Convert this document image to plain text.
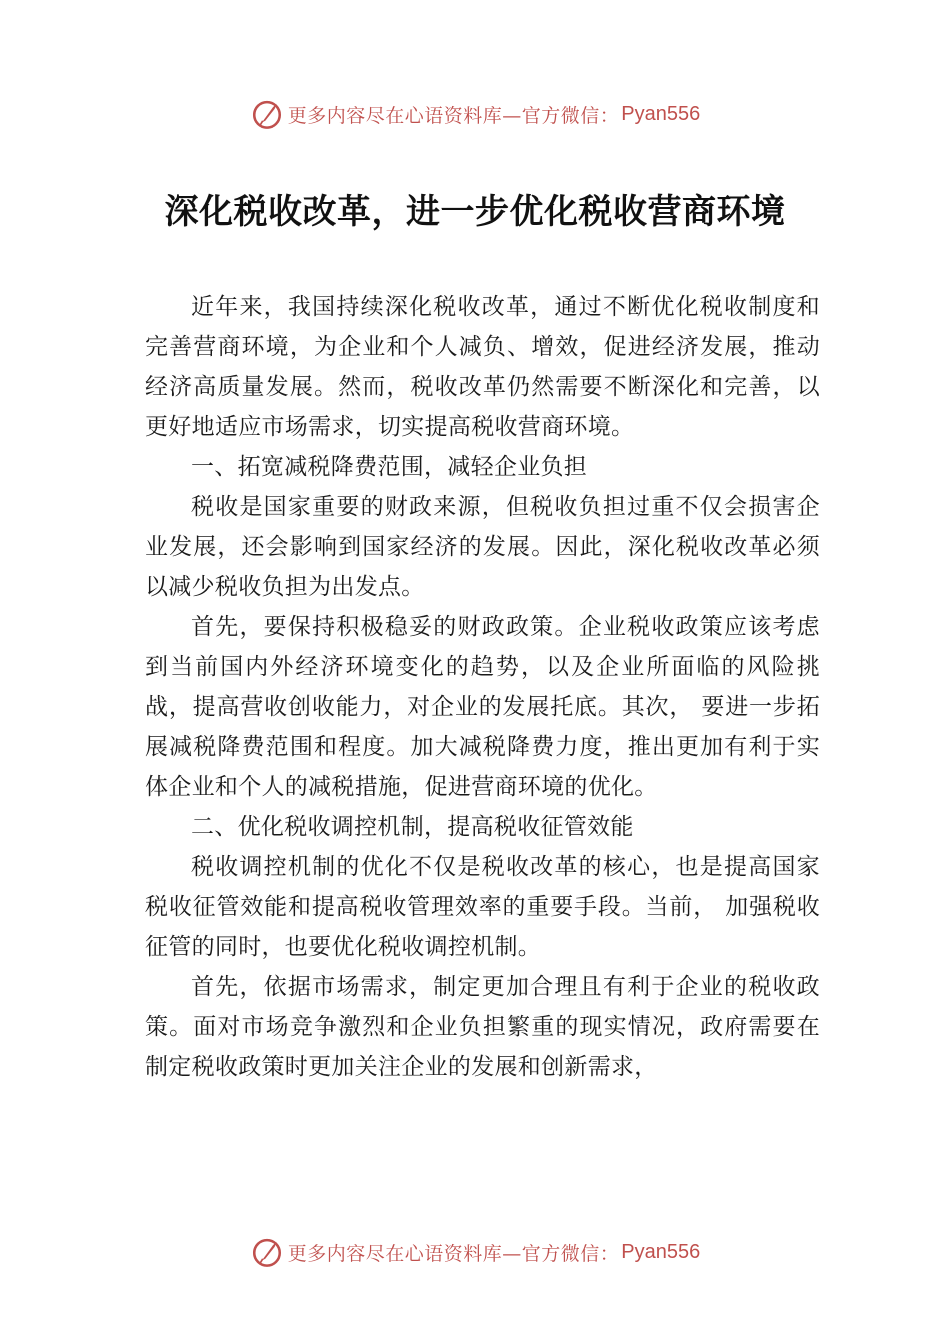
更多内容尽在心语资料库—官方微信： Pyan556
深化税收改革，进一步优化税收营商环境

近年来，我国持续深化税收改革，通过不断优化税收制度和完善营商环境，为企业和个人减负、增效，促进经济发展，推动经济高质量发展。然而，税收改革仍然需要不断深化和完善，以更好地适应市场需求，切实提高税收营商环境。

一、拓宽减税降费范围，减轻企业负担

税收是国家重要的财政来源，但税收负担过重不仅会损害企业发展，还会影响到国家经济的发展。因此，深化税收改革必须以减少税收负担为出发点。

首先，要保持积极稳妥的财政政策。企业税收政策应该考虑到当前国内外经济环境变化的趋势，以及企业所面临的风险挑战，提高营收创收能力，对企业的发展托底。其次， 要进一步拓展减税降费范围和程度。加大减税降费力度，推出更加有利于实体企业和个人的减税措施，促进营商环境的优化。

二、优化税收调控机制，提高税收征管效能

税收调控机制的优化不仅是税收改革的核心，也是提高国家税收征管效能和提高税收管理效率的重要手段。当前， 加强税收征管的同时，也要优化税收调控机制。

首先，依据市场需求，制定更加合理且有利于企业的税收政策。面对市场竞争激烈和企业负担繁重的现实情况，政府需要在制定税收政策时更加关注企业的发展和创新需求，

更多内容尽在心语资料库—官方微信： Pyan556
